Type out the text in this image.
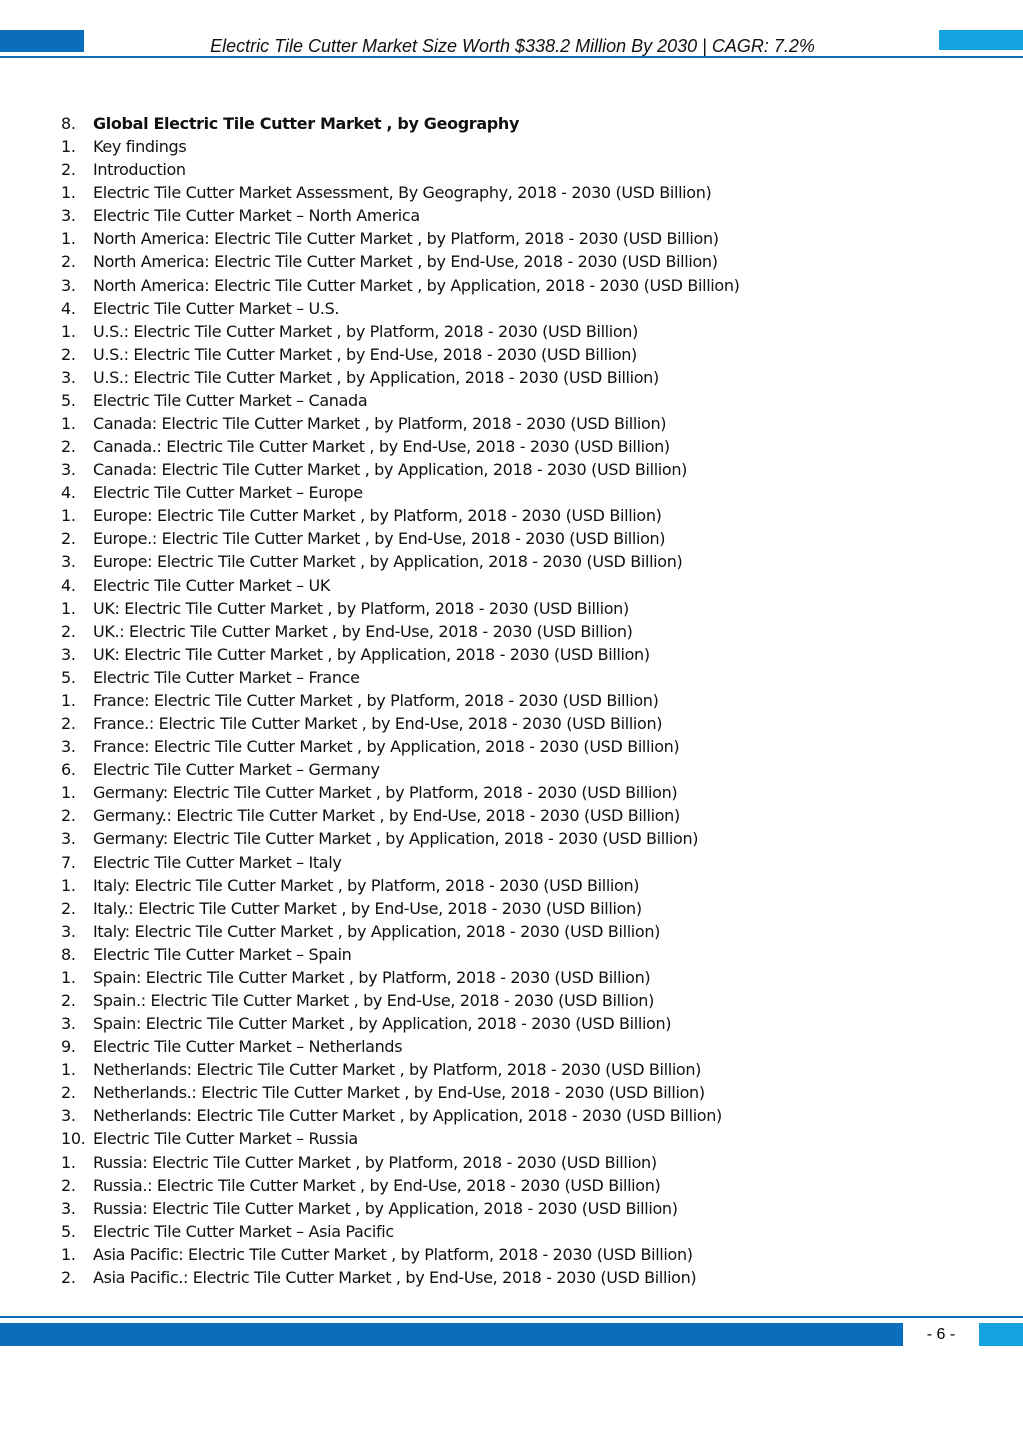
Electric Tile Cutter Market Size Worth $338.2 Million By 2030 | CAGR: 7.2%
8. Global Electric Tile Cutter Market , by Geography
1. Key findings
2. Introduction
1. Electric Tile Cutter Market Assessment, By Geography, 2018 - 2030 (USD Billion)
3. Electric Tile Cutter Market – North America
1. North America: Electric Tile Cutter Market , by Platform, 2018 - 2030 (USD Billion)
2. North America: Electric Tile Cutter Market , by End-Use, 2018 - 2030 (USD Billion)
3. North America: Electric Tile Cutter Market , by Application, 2018 - 2030 (USD Billion)
4. Electric Tile Cutter Market – U.S.
1. U.S.: Electric Tile Cutter Market , by Platform, 2018 - 2030 (USD Billion)
2. U.S.: Electric Tile Cutter Market , by End-Use, 2018 - 2030 (USD Billion)
3. U.S.: Electric Tile Cutter Market , by Application, 2018 - 2030 (USD Billion)
5. Electric Tile Cutter Market – Canada
1. Canada: Electric Tile Cutter Market , by Platform, 2018 - 2030 (USD Billion)
2. Canada.: Electric Tile Cutter Market , by End-Use, 2018 - 2030 (USD Billion)
3. Canada: Electric Tile Cutter Market , by Application, 2018 - 2030 (USD Billion)
4. Electric Tile Cutter Market – Europe
1. Europe: Electric Tile Cutter Market , by Platform, 2018 - 2030 (USD Billion)
2. Europe.: Electric Tile Cutter Market , by End-Use, 2018 - 2030 (USD Billion)
3. Europe: Electric Tile Cutter Market , by Application, 2018 - 2030 (USD Billion)
4. Electric Tile Cutter Market – UK
1. UK: Electric Tile Cutter Market , by Platform, 2018 - 2030 (USD Billion)
2. UK.: Electric Tile Cutter Market , by End-Use, 2018 - 2030 (USD Billion)
3. UK: Electric Tile Cutter Market , by Application, 2018 - 2030 (USD Billion)
5. Electric Tile Cutter Market – France
1. France: Electric Tile Cutter Market , by Platform, 2018 - 2030 (USD Billion)
2. France.: Electric Tile Cutter Market , by End-Use, 2018 - 2030 (USD Billion)
3. France: Electric Tile Cutter Market , by Application, 2018 - 2030 (USD Billion)
6. Electric Tile Cutter Market – Germany
1. Germany: Electric Tile Cutter Market , by Platform, 2018 - 2030 (USD Billion)
2. Germany.: Electric Tile Cutter Market , by End-Use, 2018 - 2030 (USD Billion)
3. Germany: Electric Tile Cutter Market , by Application, 2018 - 2030 (USD Billion)
7. Electric Tile Cutter Market – Italy
1. Italy: Electric Tile Cutter Market , by Platform, 2018 - 2030 (USD Billion)
2. Italy.: Electric Tile Cutter Market , by End-Use, 2018 - 2030 (USD Billion)
3. Italy: Electric Tile Cutter Market , by Application, 2018 - 2030 (USD Billion)
8. Electric Tile Cutter Market – Spain
1. Spain: Electric Tile Cutter Market , by Platform, 2018 - 2030 (USD Billion)
2. Spain.: Electric Tile Cutter Market , by End-Use, 2018 - 2030 (USD Billion)
3. Spain: Electric Tile Cutter Market , by Application, 2018 - 2030 (USD Billion)
9. Electric Tile Cutter Market – Netherlands
1. Netherlands: Electric Tile Cutter Market , by Platform, 2018 - 2030 (USD Billion)
2. Netherlands.: Electric Tile Cutter Market , by End-Use, 2018 - 2030 (USD Billion)
3. Netherlands: Electric Tile Cutter Market , by Application, 2018 - 2030 (USD Billion)
10. Electric Tile Cutter Market – Russia
1. Russia: Electric Tile Cutter Market , by Platform, 2018 - 2030 (USD Billion)
2. Russia.: Electric Tile Cutter Market , by End-Use, 2018 - 2030 (USD Billion)
3. Russia: Electric Tile Cutter Market , by Application, 2018 - 2030 (USD Billion)
5. Electric Tile Cutter Market – Asia Pacific
1. Asia Pacific: Electric Tile Cutter Market , by Platform, 2018 - 2030 (USD Billion)
2. Asia Pacific.: Electric Tile Cutter Market , by End-Use, 2018 - 2030 (USD Billion)
- 6 -
